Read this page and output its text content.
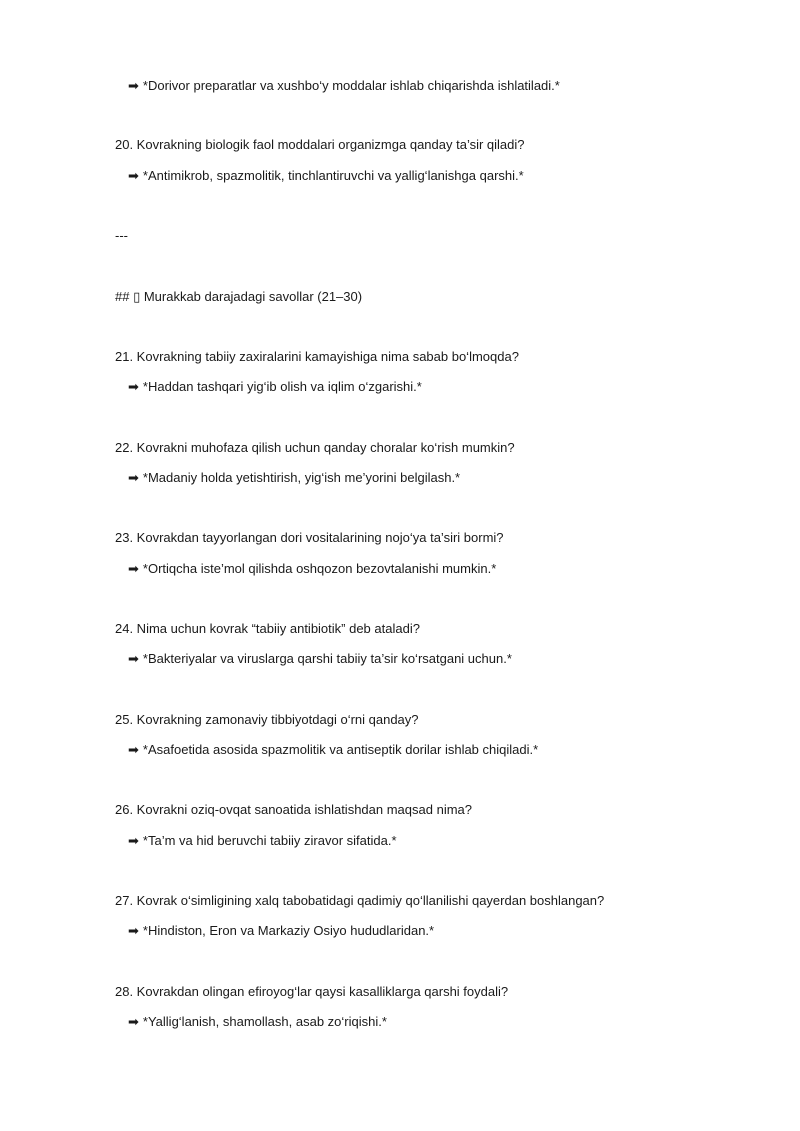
➡ *Dorivor preparatlar va xushbo‘y moddalar ishlab chiqarishda ishlatiladi.*
20. Kovrakning biologik faol moddalari organizmga qanday ta’sir qiladi?
➡ *Antimikrob, spazmolitik, tinchlantiruvchi va yallig‘lanishga qarshi.*
---
## ▯ Murakkab darajadagi savollar (21–30)
21. Kovrakning tabiiy zaxiralarini kamayishiga nima sabab bo‘lmoqda?
➡ *Haddan tashqari yig‘ib olish va iqlim o‘zgarishi.*
22. Kovrakni muhofaza qilish uchun qanday choralar ko‘rish mumkin?
➡ *Madaniy holda yetishtirish, yig‘ish me’yorini belgilash.*
23. Kovrakdan tayyorlangan dori vositalarining nojo‘ya ta’siri bormi?
➡ *Ortiqcha iste’mol qilishda oshqozon bezovtalanishi mumkin.*
24. Nima uchun kovrak “tabiiy antibiotik” deb ataladi?
➡ *Bakteriyalar va viruslarga qarshi tabiiy ta’sir ko‘rsatgani uchun.*
25. Kovrakning zamonaviy tibbiyotdagi o‘rni qanday?
➡ *Asafoetida asosida spazmolitik va antiseptik dorilar ishlab chiqiladi.*
26. Kovrakni oziq-ovqat sanoatida ishlatishdan maqsad nima?
➡ *Ta’m va hid beruvchi tabiiy ziravor sifatida.*
27. Kovrak o‘simligining xalq tabobatidagi qadimiy qo‘llanilishi qayerdan boshlangan?
➡ *Hindiston, Eron va Markaziy Osiyo hududlaridan.*
28. Kovrakdan olingan efiroyog‘lar qaysi kasalliklarga qarshi foydali?
➡ *Yallig‘lanish, shamollash, asab zo‘riqishi.*
